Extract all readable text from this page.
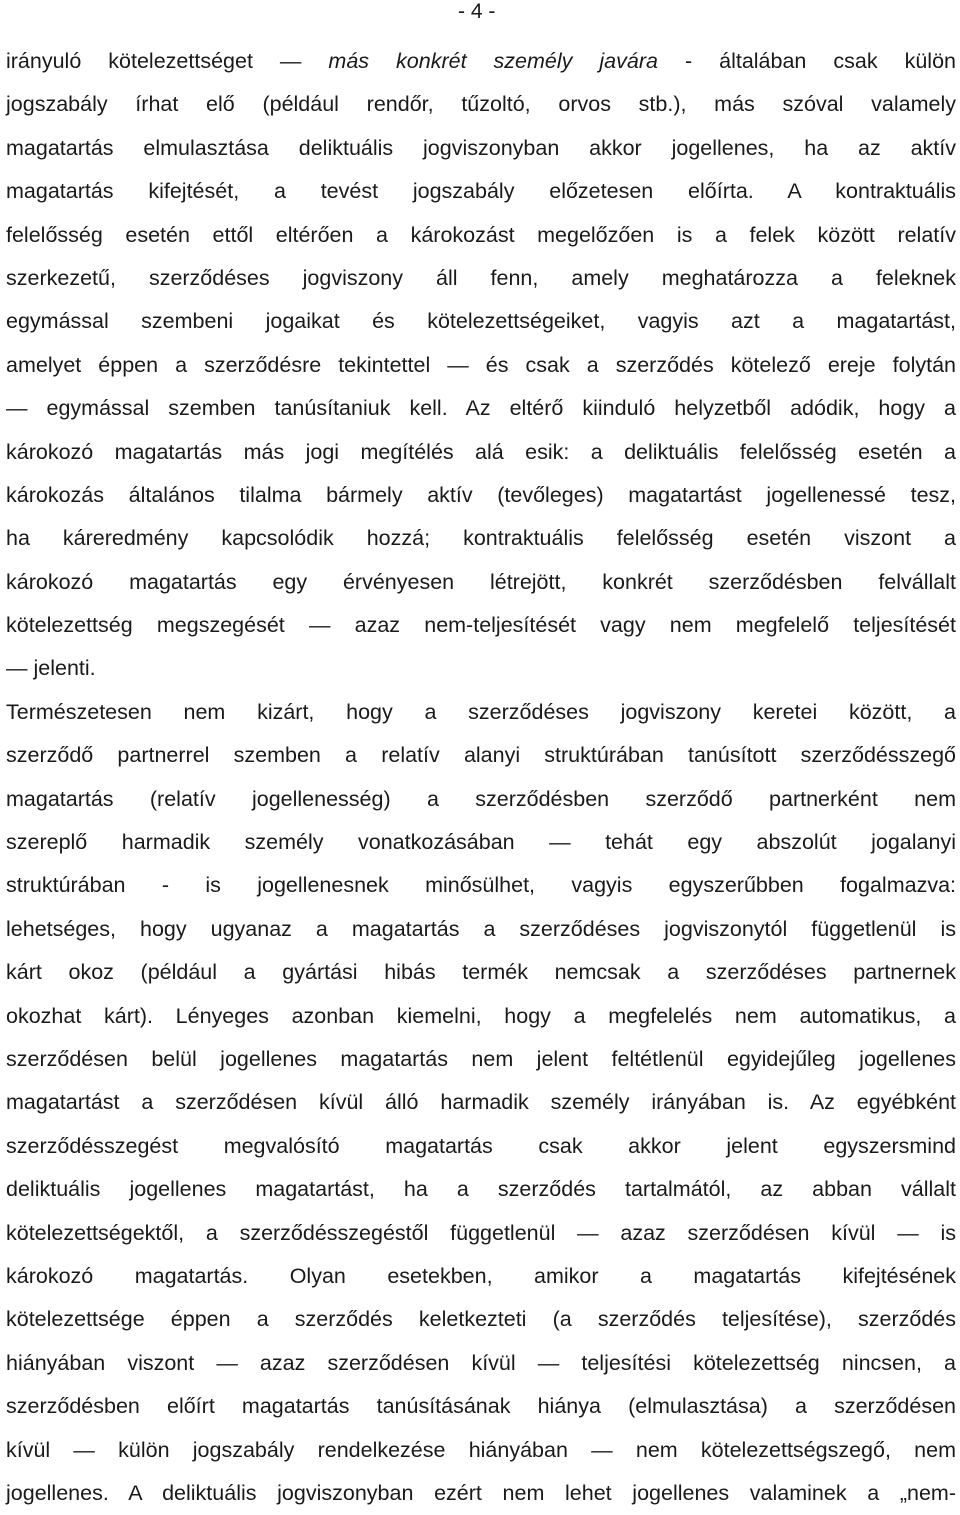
- 4 -
irányuló kötelezettséget — más konkrét személy javára - általában csak külön
jogszabály írhat elő (például rendőr, tűzoltó, orvos stb.), más szóval valamely
magatartás elmulasztása deliktuális jogviszonyban akkor jogellenes, ha az aktív
magatartás kifejtését, a tevést jogszabály előzetesen előírta. A kontraktuális
felelősség esetén ettől eltérően a károkozást megelőzően is a felek között relatív
szerkezetű, szerződéses jogviszony áll fenn, amely meghatározza a feleknek
egymással szembeni jogaikat és kötelezettségeiket, vagyis azt a magatartást,
amelyet éppen a szerződésre tekintettel — és csak a szerződés kötelező ereje folytán
— egymással szemben tanúsítaniuk kell. Az eltérő kiinduló helyzetből adódik, hogy a
károkozó magatartás más jogi megítélés alá esik: a deliktuális felelősség esetén a
károkozás általános tilalma bármely aktív (tevőleges) magatartást jogellenessé tesz,
ha káreredmény kapcsolódik hozzá; kontraktuális felelősség esetén viszont a
károkozó magatartás egy érvényesen létrejött, konkrét szerződésben felvállalt
kötelezettség megszegését — azaz nem-teljesítését vagy nem megfelelő teljesítését
— jelenti.
Természetesen nem kizárt, hogy a szerződéses jogviszony keretei között, a
szerződő partnerrel szemben a relatív alanyi struktúrában tanúsított szerződésszegő
magatartás (relatív jogellenesség) a szerződésben szerződő partnerként nem
szereplő harmadik személy vonatkozásában — tehát egy abszolút jogalanyi
struktúrában - is jogellenesnek minősülhet, vagyis egyszerűbben fogalmazva:
lehetséges, hogy ugyanaz a magatartás a szerződéses jogviszonytól függetlenül is
kárt okoz (például a gyártási hibás termék nemcsak a szerződéses partnernek
okozhat kárt). Lényeges azonban kiemelni, hogy a megfelelés nem automatikus, a
szerződésen belül jogellenes magatartás nem jelent feltétlenül egyidejűleg jogellenes
magatartást a szerződésen kívül álló harmadik személy irányában is. Az egyébként
szerződésszegést megvalósító magatartás csak akkor jelent egyszersmind
deliktuális jogellenes magatartást, ha a szerződés tartalmától, az abban vállalt
kötelezettségektől, a szerződésszegéstől függetlenül — azaz szerződésen kívül — is
károkozó magatartás. Olyan esetekben, amikor a magatartás kifejtésének
kötelezettsége éppen a szerződés keletkezteti (a szerződés teljesítése), szerződés
hiányában viszont — azaz szerződésen kívül — teljesítési kötelezettség nincsen, a
szerződésben előírt magatartás tanúsításának hiánya (elmulasztása) a szerződésen
kívül — külön jogszabály rendelkezése hiányában — nem kötelezettségszegő, nem
jogellenes. A deliktuális jogviszonyban ezért nem lehet jogellenes valaminek a „nem-
